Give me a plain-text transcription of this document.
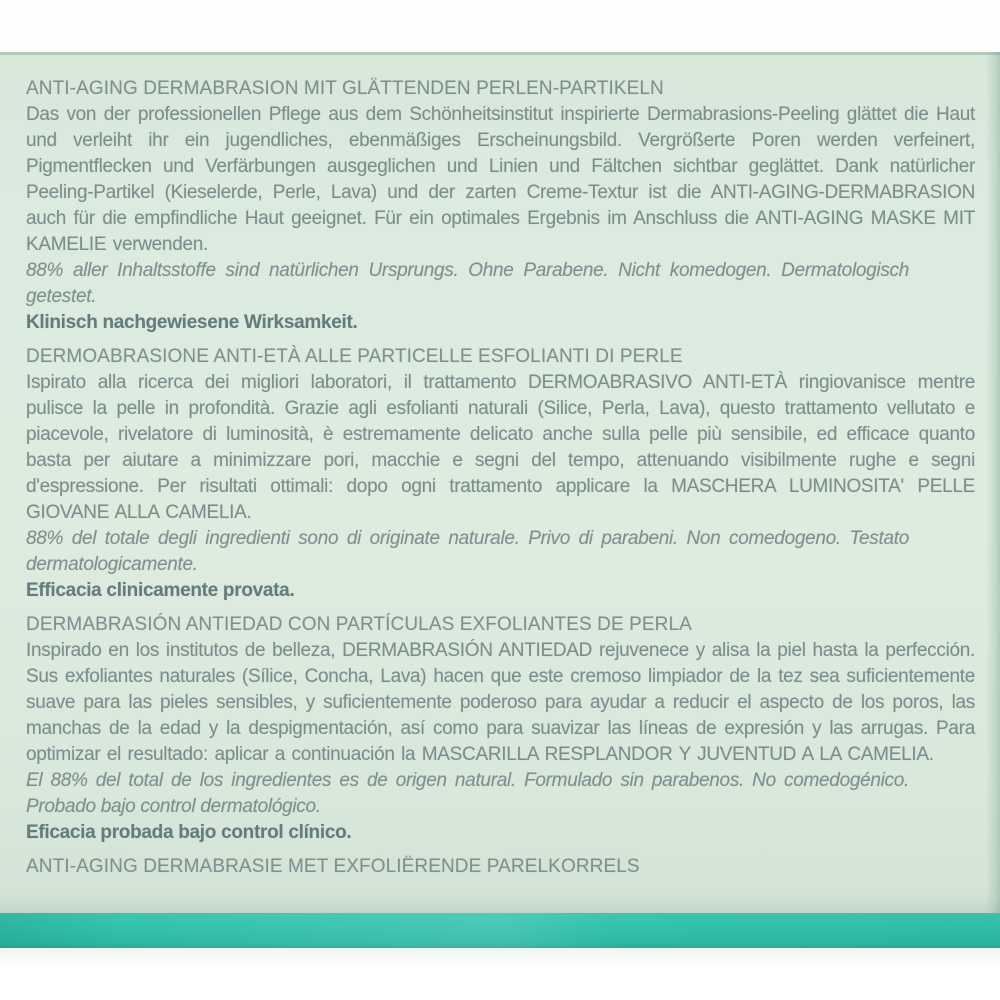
ANTI-AGING DERMABRASION MIT GLÄTTENDEN PERLEN-PARTIKELN

Das von der professionellen Pflege aus dem Schönheitsinstitut inspirierte Dermabrasions-Peeling glättet die Haut und verleiht ihr ein jugendliches, ebenmäßiges Erscheinungsbild. Vergrößerte Poren werden verfeinert, Pigmentflecken und Verfärbungen ausgeglichen und Linien und Fältchen sichtbar geglättet. Dank natürlicher Peeling-Partikel (Kieselerde, Perle, Lava) und der zarten Creme-Textur ist die ANTI-AGING-DERMABRASION auch für die empfindliche Haut geeignet. Für ein optimales Ergebnis im Anschluss die ANTI-AGING MASKE MIT KAMELIE verwenden.

88% aller Inhaltsstoffe sind natürlichen Ursprungs. Ohne Parabene. Nicht komedogen. Dermatologisch getestet.

Klinisch nachgewiesene Wirksamkeit.

DERMOABRASIONE ANTI-ETÀ ALLE PARTICELLE ESFOLIANTI DI PERLE

Ispirato alla ricerca dei migliori laboratori, il trattamento DERMOABRASIVO ANTI-ETÀ ringiovanisce mentre pulisce la pelle in profondità. Grazie agli esfolianti naturali (Silice, Perla, Lava), questo trattamento vellutato e piacevole, rivelatore di luminosità, è estremamente delicato anche sulla pelle più sensibile, ed efficace quanto basta per aiutare a minimizzare pori, macchie e segni del tempo, attenuando visibilmente rughe e segni d'espressione. Per risultati ottimali: dopo ogni trattamento applicare la MASCHERA LUMINOSITA' PELLE GIOVANE ALLA CAMELIA.

88% del totale degli ingredienti sono di originate naturale. Privo di parabeni. Non comedogeno. Testato dermatologicamente.

Efficacia clinicamente provata.

DERMABRASIÓN ANTIEDAD CON PARTÍCULAS EXFOLIANTES DE PERLA

Inspirado en los institutos de belleza, DERMABRASIÓN ANTIEDAD rejuvenece y alisa la piel hasta la perfección. Sus exfoliantes naturales (Sílice, Concha, Lava) hacen que este cremoso limpiador de la tez sea suficientemente suave para las pieles sensibles, y suficientemente poderoso para ayudar a reducir el aspecto de los poros, las manchas de la edad y la despigmentación, así como para suavizar las líneas de expresión y las arrugas. Para optimizar el resultado: aplicar a continuación la MASCARILLA RESPLANDOR Y JUVENTUD A LA CAMELIA.

El 88% del total de los ingredientes es de origen natural. Formulado sin parabenos. No comedogénico. Probado bajo control dermatológico.

Eficacia probada bajo control clínico.

ANTI-AGING DERMABRASIE MET EXFOLIËRENDE PARELKORRELS
